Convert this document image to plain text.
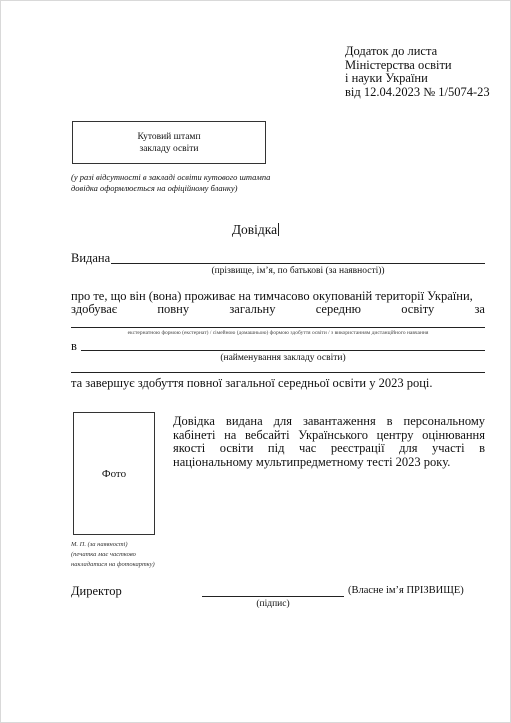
Додаток до листа
Міністерства освіти
і науки України
від 12.04.2023 № 1/5074-23
Кутовий штамп
закладу освіти
(у разі відсутності в закладі освіти кутового штампа довідка оформлюється на офіційному бланку)
Довідка
Видана
(прізвище, ім’я, по батькові (за наявності))
про те, що він (вона) проживає на тимчасово окупованій території України,
здобуває	повну	загальну	середню	освіту	за
екстернатною формою (екстернат) / сімейною (домашньою) формою здобуття освіти / з використанням дистанційного навчання
в
(найменування закладу освіти)
та завершує здобуття повної загальної середньої освіти у 2023 році.
Фото
Довідка видана для завантаження в персональному кабінеті на вебсайті Українського центру оцінювання якості освіти під час реєстрації для участі в національному мультипредметному тесті 2023 року.
М. П. (за наявності)
(печатка має частково
накладатися на фотокартку)
Директор	(Власне ім’я ПРІЗВИЩЕ)
(підпис)
